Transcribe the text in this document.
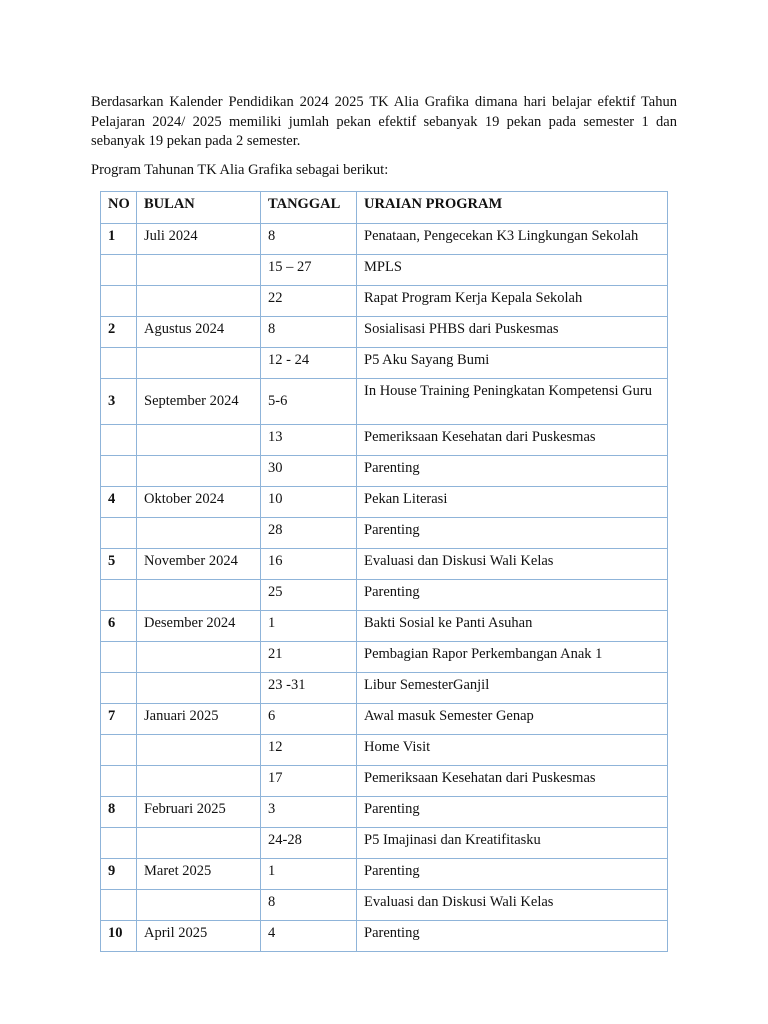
Berdasarkan Kalender Pendidikan 2024 2025 TK Alia Grafika dimana hari belajar efektif Tahun Pelajaran 2024/ 2025 memiliki jumlah pekan efektif sebanyak 19 pekan pada semester 1 dan sebanyak 19 pekan pada 2 semester.

Program Tahunan TK Alia Grafika sebagai berikut:

NO	BULAN	TANGGAL	URAIAN PROGRAM
1	Juli 2024	8	Penataan, Pengecekan K3 Lingkungan Sekolah
		15 – 27	MPLS
		22	Rapat Program Kerja Kepala Sekolah
2	Agustus 2024	8	Sosialisasi PHBS dari Puskesmas
		12 - 24	P5 Aku Sayang Bumi
3	September 2024	5-6	In House Training Peningkatan Kompetensi Guru
		13	Pemeriksaan Kesehatan dari Puskesmas
		30	Parenting
4	Oktober 2024	10	Pekan Literasi
		28	Parenting
5	November 2024	16	Evaluasi dan Diskusi Wali Kelas
		25	Parenting
6	Desember 2024	1	Bakti Sosial ke Panti Asuhan
		21	Pembagian Rapor Perkembangan Anak 1
		23 -31	Libur SemesterGanjil
7	Januari 2025	6	Awal masuk Semester Genap
		12	Home Visit
		17	Pemeriksaan Kesehatan dari Puskesmas
8	Februari 2025	3	Parenting
		24-28	P5 Imajinasi dan Kreatifitasku
9	Maret 2025	1	Parenting
		8	Evaluasi dan Diskusi Wali Kelas
10	April 2025	4	Parenting
